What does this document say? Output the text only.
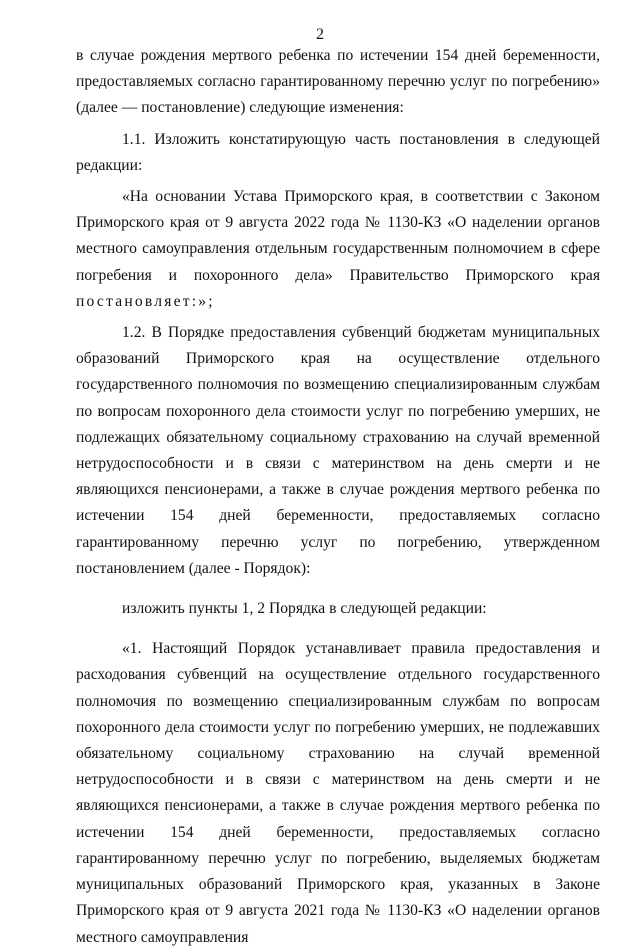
2

в случае рождения мертвого ребенка по истечении 154 дней беременности, предоставляемых согласно гарантированному перечню услуг по погребению» (далее — постановление) следующие изменения:

1.1. Изложить констатирующую часть постановления в следующей редакции:

«На основании Устава Приморского края, в соответствии с Законом Приморского края от 9 августа 2022 года № 1130-КЗ «О наделении органов местного самоуправления отдельным государственным полномочием в сфере погребения и похоронного дела» Правительство Приморского края постановляет:»;

1.2. В Порядке предоставления субвенций бюджетам муниципальных образований Приморского края на осуществление отдельного государственного полномочия по возмещению специализированным службам по вопросам похоронного дела стоимости услуг по погребению умерших, не подлежащих обязательному социальному страхованию на случай временной нетрудоспособности и в связи с материнством на день смерти и не являющихся пенсионерами, а также в случае рождения мертвого ребенка по истечении 154 дней беременности, предоставляемых согласно гарантированному перечню услуг по погребению, утвержденном постановлением (далее - Порядок):

изложить пункты 1, 2 Порядка в следующей редакции:

«1. Настоящий Порядок устанавливает правила предоставления и расходования субвенций на осуществление отдельного государственного полномочия по возмещению специализированным службам по вопросам похоронного дела стоимости услуг по погребению умерших, не подлежавших обязательному социальному страхованию на случай временной нетрудоспособности и в связи с материнством на день смерти и не являющихся пенсионерами, а также в случае рождения мертвого ребенка по истечении 154 дней беременности, предоставляемых согласно гарантированному перечню услуг по погребению, выделяемых бюджетам муниципальных образований Приморского края, указанных в Законе Приморского края от 9 августа 2021 года № 1130-КЗ «О наделении органов местного самоуправления
